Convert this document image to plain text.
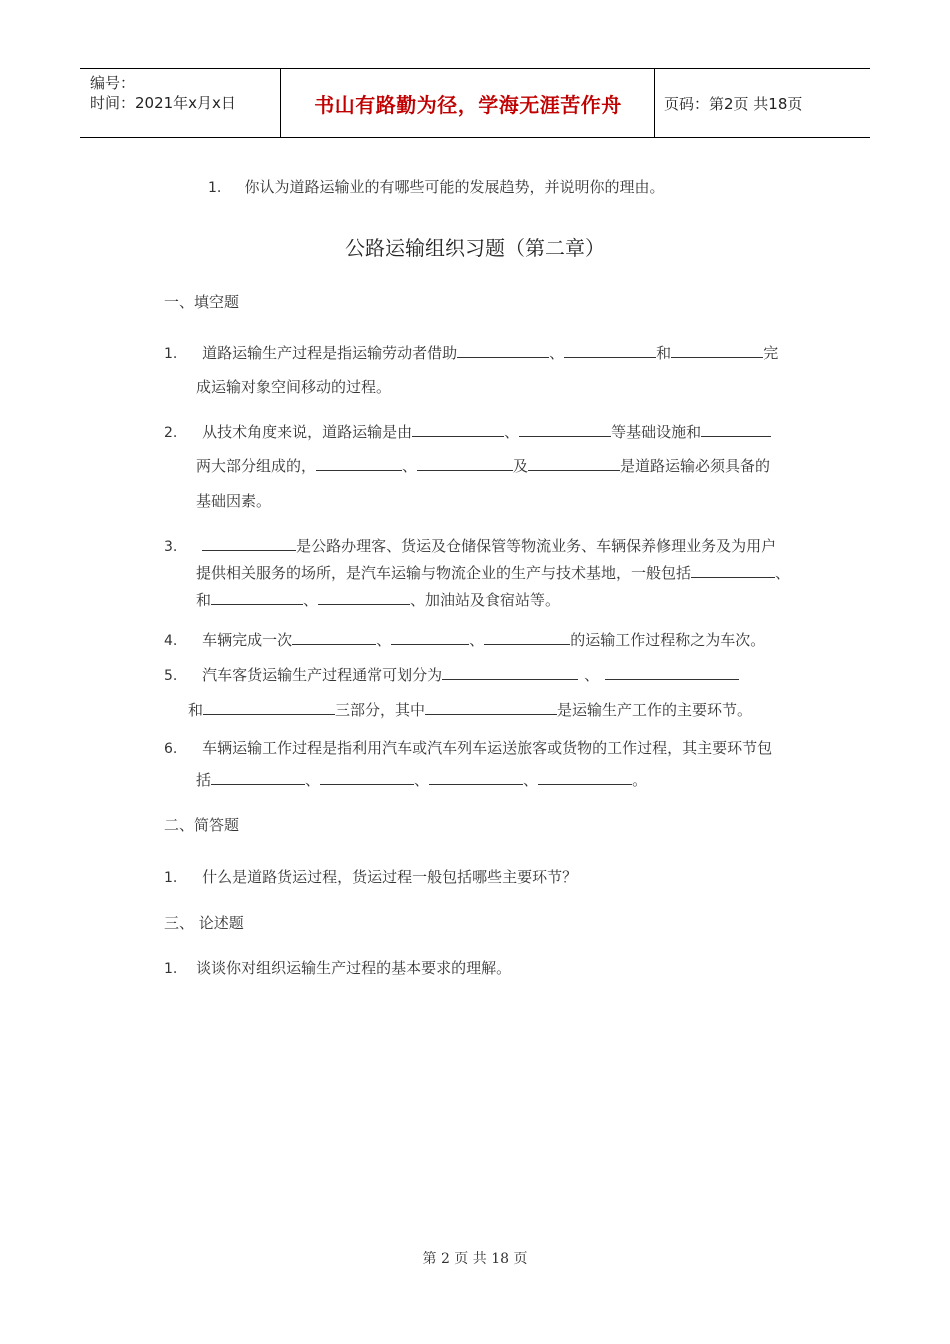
编号：
时间：2021年x月x日	书山有路勤为径，学海无涯苦作舟	页码：第2页 共18页
1. 你认为道路运输业的有哪些可能的发展趋势，并说明你的理由。
公路运输组织习题（第二章）
一、填空题
1. 道路运输生产过程是指运输劳动者借助	、	和	完
成运输对象空间移动的过程。
2. 从技术角度来说，道路运输是由	、	等基础设施和
两大部分组成的，	、	及	是道路运输必须具备的
基础因素。
3.	是公路办理客、货运及仓储保管等物流业务、车辆保养修理业务及为用户
提供相关服务的场所，是汽车运输与物流企业的生产与技术基地，一般包括	、
和	、	、加油站及食宿站等。
4. 车辆完成一次	、	、	的运输工作过程称之为车次。
5. 汽车客货运输生产过程通常可划分为	、
和	三部分，其中	是运输生产工作的主要环节。
6. 车辆运输工作过程是指利用汽车或汽车列车运送旅客或货物的工作过程，其主要环节包
括	、	、	、	。
二、简答题
1. 什么是道路货运过程，货运过程一般包括哪些主要环节？
三、 论述题
1. 谈谈你对组织运输生产过程的基本要求的理解。
第 2 页 共 18 页
